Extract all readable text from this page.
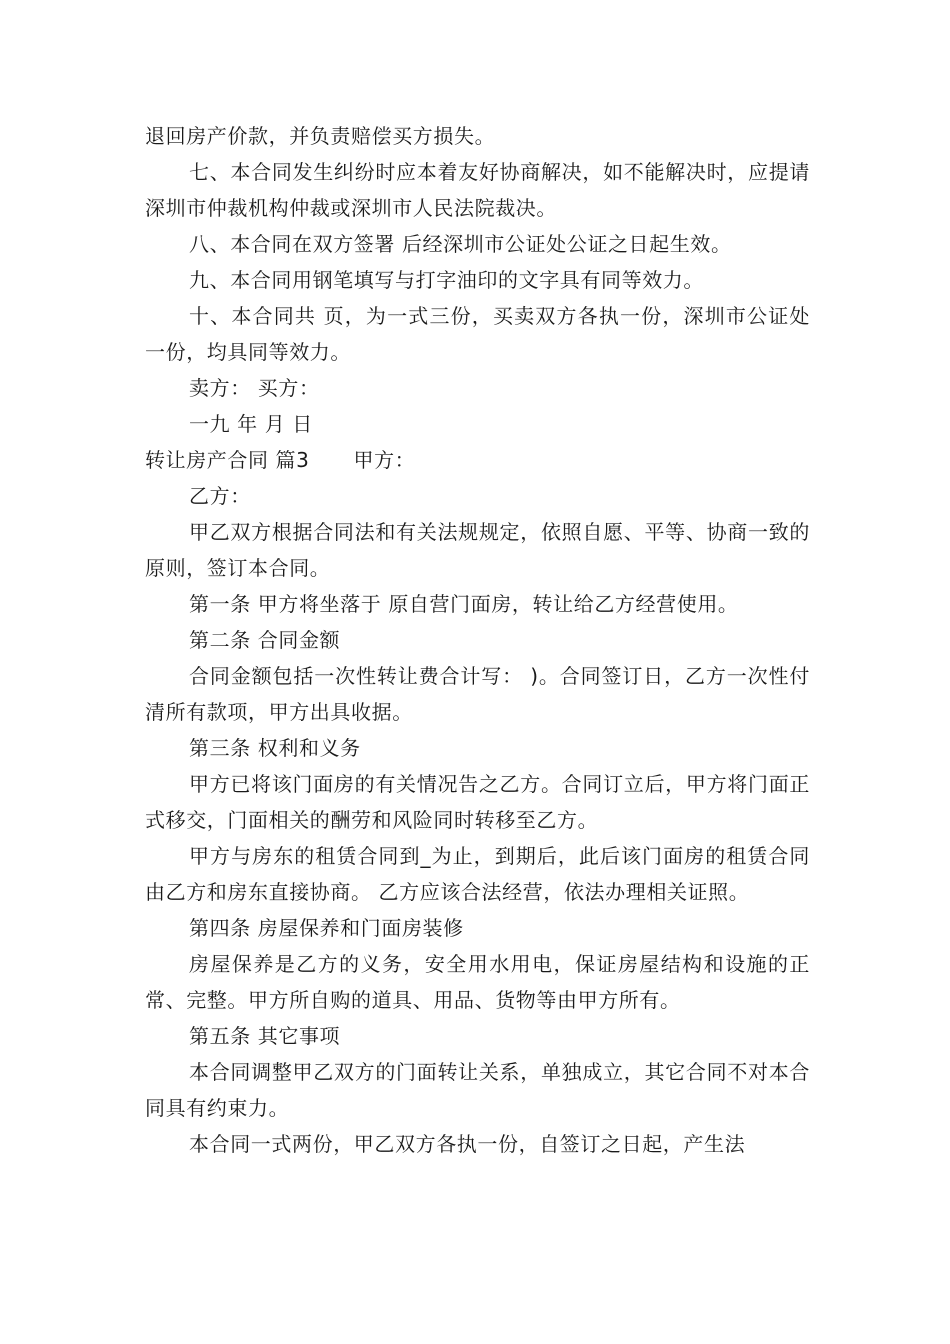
退回房产价款，并负责赔偿买方损失。

七、本合同发生纠纷时应本着友好协商解决，如不能解决时，应提请深圳市仲裁机构仲裁或深圳市人民法院裁决。

八、本合同在双方签署 后经深圳市公证处公证之日起生效。

九、本合同用钢笔填写与打字油印的文字具有同等效力。

十、本合同共 页，为一式三份，买卖双方各执一份，深圳市公证处一份，均具同等效力。

卖方： 买方：

一九 年 月 日

转让房产合同 篇3 甲方：

乙方：

甲乙双方根据合同法和有关法规规定，依照自愿、平等、协商一致的原则，签订本合同。

第一条 甲方将坐落于 原自营门面房，转让给乙方经营使用。

第二条 合同金额

合同金额包括一次性转让费合计写： )。合同签订日，乙方一次性付清所有款项，甲方出具收据。

第三条 权利和义务

甲方已将该门面房的有关情况告之乙方。合同订立后，甲方将门面正式移交，门面相关的酬劳和风险同时转移至乙方。

甲方与房东的租赁合同到_为止，到期后，此后该门面房的租赁合同由乙方和房东直接协商。 乙方应该合法经营，依法办理相关证照。

第四条 房屋保养和门面房装修

房屋保养是乙方的义务，安全用水用电，保证房屋结构和设施的正常、完整。甲方所自购的道具、用品、货物等由甲方所有。

第五条 其它事项

本合同调整甲乙双方的门面转让关系，单独成立，其它合同不对本合同具有约束力。

本合同一式两份，甲乙双方各执一份，自签订之日起，产生法
